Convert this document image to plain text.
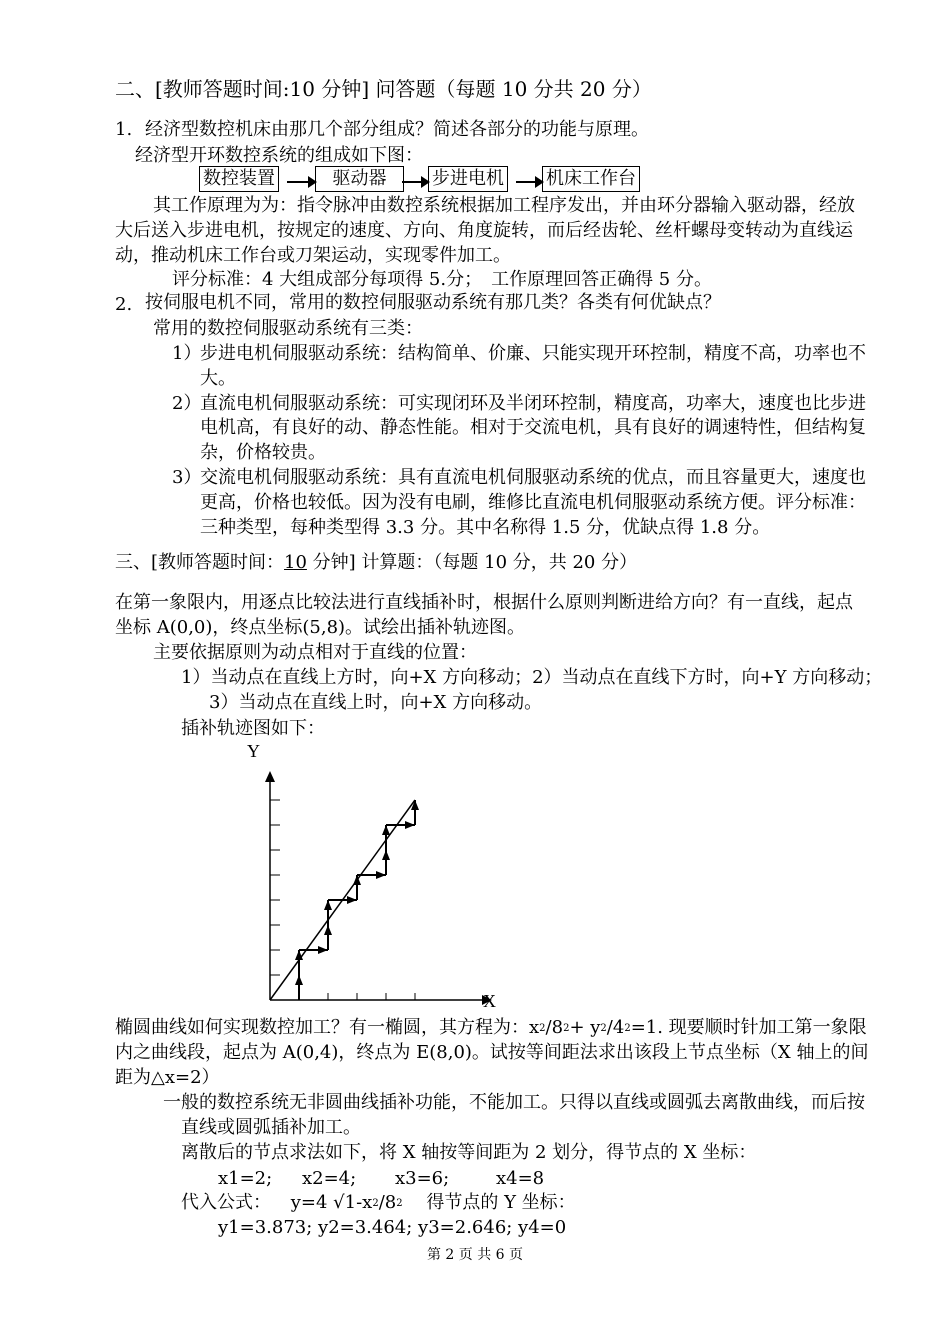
二、[教师答题时间:10 分钟] 问答题（每题 10 分共 20 分）
1. 经济型数控机床由那几个部分组成？简述各部分的功能与原理。
经济型开环数控系统的组成如下图：
数控装置	驱动器	步进电机 机床工作台
其工作原理为为：指令脉冲由数控系统根据加工程序发出，并由环分器输入驱动器，经放
大后送入步进电机，按规定的速度、方向、角度旋转，而后经齿轮、丝杆螺母变转动为直线运
动，推动机床工作台或刀架运动，实现零件加工。
评分标准：4 大组成部分每项得 5.分；　工作原理回答正确得 5 分。
2. 按伺服电机不同，常用的数控伺服驱动系统有那几类？各类有何优缺点？
常用的数控伺服驱动系统有三类：
1）
步进电机伺服驱动系统：结构简单、价廉、只能实现开环控制，精度不高，功率也不
大。
2）
直流电机伺服驱动系统：可实现闭环及半闭环控制，精度高，功率大，速度也比步进
电机高，有良好的动、静态性能。相对于交流电机，具有良好的调速特性，但结构复
杂，价格较贵。
3）
交流电机伺服驱动系统：具有直流电机伺服驱动系统的优点，而且容量更大，速度也
更高，价格也较低。因为没有电刷，维修比直流电机伺服驱动系统方便。评分标准：
三种类型，每种类型得 3.3 分。其中名称得 1.5 分，优缺点得 1.8 分。
三、[教师答题时间：10 分钟] 计算题：（每题 10 分，共 20 分）
在第一象限内，用逐点比较法进行直线插补时，根据什么原则判断进给方向？有一直线，起点
坐标 A(0,0)，终点坐标(5,8)。试绘出插补轨迹图。
主要依据原则为动点相对于直线的位置：
1）当动点在直线上方时，向+X 方向移动；2）当动点在直线下方时，向+Y 方向移动；
3）当动点在直线上时，向+X 方向移动。
插补轨迹图如下：
Y
X
椭圆曲线如何实现数控加工？有一椭圆，其方程为：$x^2/8^2+ y^2/4^2=1$. 现要顺时针加工第一象限
内之曲线段，起点为 A(0,4)，终点为 E(8,0)。试按等间距法求出该段上节点坐标（X 轴上的间
距为△x=2）
一般的数控系统无非圆曲线插补功能，不能加工。只得以直线或圆弧去离散曲线，而后按
直线或圆弧插补加工。
离散后的节点求法如下，将 X 轴按等间距为 2 划分，得节点的 X 坐标：
x1=2; x2=4; x3=6;	x4=8
代入公式： y=4 $√1-x^2/8^2$ 得节点的 Y 坐标：
y1=3.873; y2=3.464; y3=2.646; y4=0
第 2 页 共 6 页
